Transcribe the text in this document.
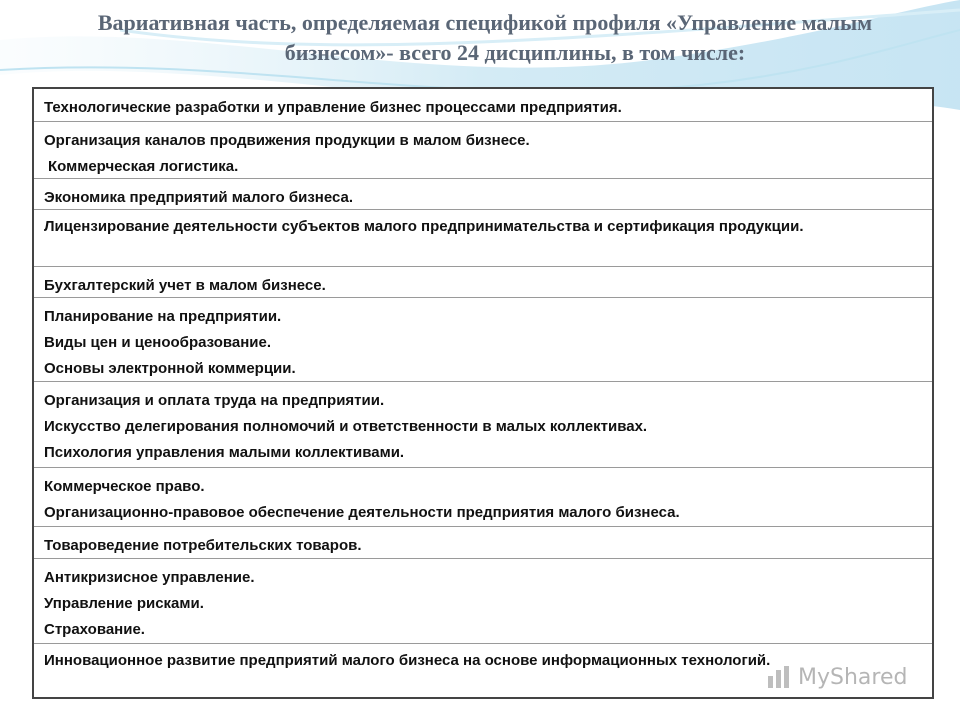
Вариативная часть, определяемая спецификой профиля «Управление малым
бизнесом»- всего 24 дисциплины, в том числе:
Технологические разработки и управление бизнес процессами предприятия.
Организация каналов продвижения продукции в малом бизнесе.
Коммерческая логистика.
Экономика предприятий малого бизнеса.
Лицензирование деятельности субъектов малого предпринимательства и сертификация продукции.
Бухгалтерский учет в малом бизнесе.
Планирование на предприятии.
Виды цен и ценообразование.
Основы электронной коммерции.
Организация и оплата труда на предприятии.
Искусство делегирования полномочий и ответственности в малых коллективах.
Психология управления малыми коллективами.
Коммерческое право.
Организационно-правовое обеспечение деятельности предприятия малого бизнеса.
Товароведение потребительских товаров.
Антикризисное управление.
Управление рисками.
Страхование.
Инновационное развитие предприятий малого бизнеса на основе информационных технологий.
MyShared
